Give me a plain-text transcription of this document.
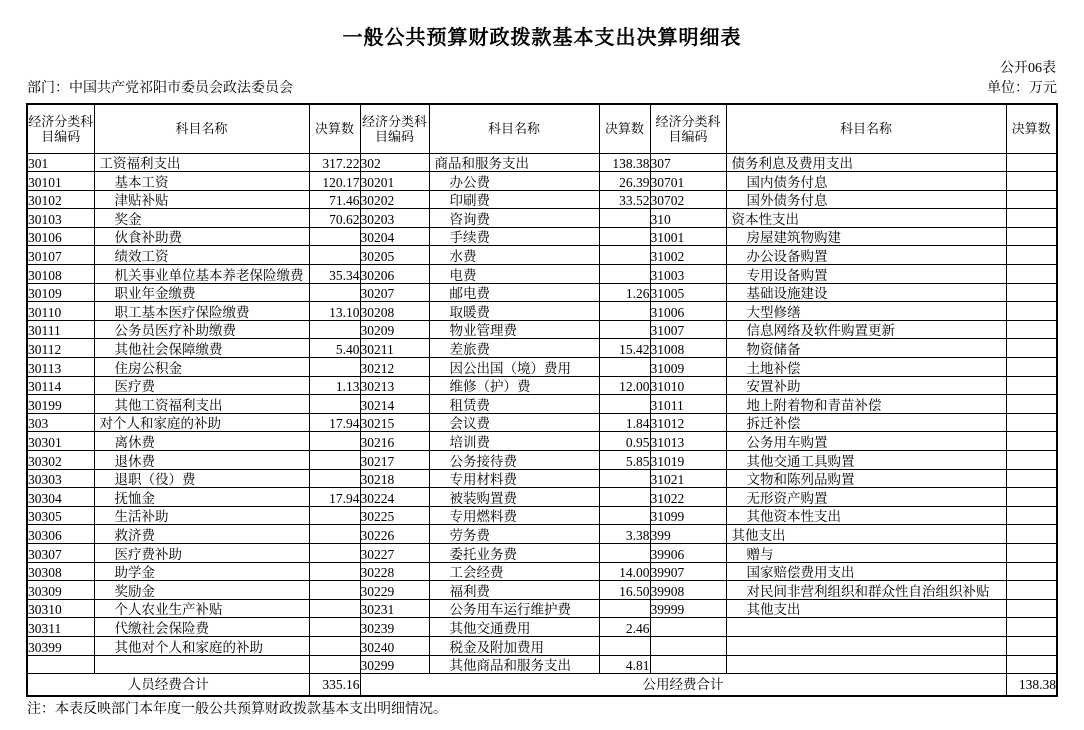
一般公共预算财政拨款基本支出决算明细表
公开06表
部门：中国共产党祁阳市委员会政法委员会	单位：万元
经济分类科目编码	科目名称	决算数	经济分类科目编码	科目名称	决算数	经济分类科目编码	科目名称	决算数
301	工资福利支出	317.22	302	商品和服务支出	138.38	307	债务利息及费用支出	
30101	基本工资	120.17	30201	办公费	26.39	30701	国内债务付息	
30102	津贴补贴	71.46	30202	印刷费	33.52	30702	国外债务付息	
30103	奖金	70.62	30203	咨询费		310	资本性支出	
30106	伙食补助费		30204	手续费		31001	房屋建筑物购建	
30107	绩效工资		30205	水费		31002	办公设备购置	
30108	机关事业单位基本养老保险缴费	35.34	30206	电费		31003	专用设备购置	
30109	职业年金缴费		30207	邮电费	1.26	31005	基础设施建设	
30110	职工基本医疗保险缴费	13.10	30208	取暖费		31006	大型修缮	
30111	公务员医疗补助缴费		30209	物业管理费		31007	信息网络及软件购置更新	
30112	其他社会保障缴费	5.40	30211	差旅费	15.42	31008	物资储备	
30113	住房公积金		30212	因公出国（境）费用		31009	土地补偿	
30114	医疗费	1.13	30213	维修（护）费	12.00	31010	安置补助	
30199	其他工资福利支出		30214	租赁费		31011	地上附着物和青苗补偿	
303	对个人和家庭的补助	17.94	30215	会议费	1.84	31012	拆迁补偿	
30301	离休费		30216	培训费	0.95	31013	公务用车购置	
30302	退休费		30217	公务接待费	5.85	31019	其他交通工具购置	
30303	退职（役）费		30218	专用材料费		31021	文物和陈列品购置	
30304	抚恤金	17.94	30224	被装购置费		31022	无形资产购置	
30305	生活补助		30225	专用燃料费		31099	其他资本性支出	
30306	救济费		30226	劳务费	3.38	399	其他支出	
30307	医疗费补助		30227	委托业务费		39906	赠与	
30308	助学金		30228	工会经费	14.00	39907	国家赔偿费用支出	
30309	奖励金		30229	福利费	16.50	39908	对民间非营利组织和群众性自治组织补贴	
30310	个人农业生产补贴		30231	公务用车运行维护费		39999	其他支出	
30311	代缴社会保险费		30239	其他交通费用	2.46			
30399	其他对个人和家庭的补助		30240	税金及附加费用				
			30299	其他商品和服务支出	4.81			
人员经费合计		335.16	公用经费合计					138.38
注：本表反映部门本年度一般公共预算财政拨款基本支出明细情况。
